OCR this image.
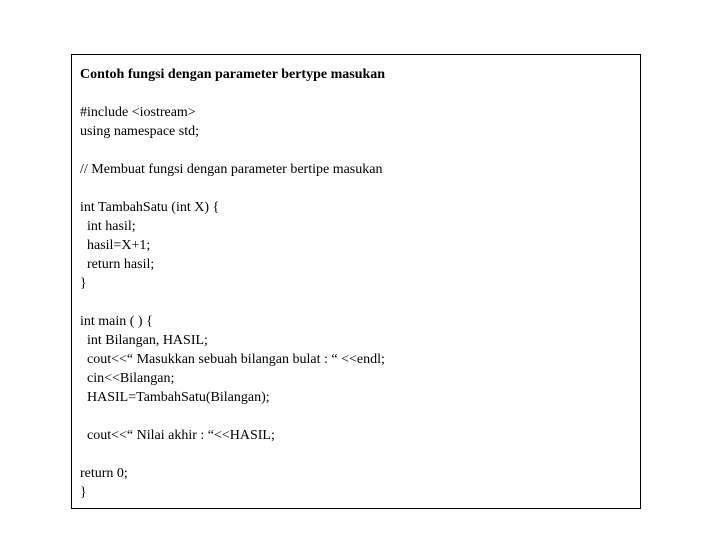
Contoh fungsi dengan parameter bertype masukan
#include <iostream>
using namespace std;
// Membuat fungsi dengan parameter bertipe masukan
int TambahSatu (int X) {
int hasil;
hasil=X+1;
return hasil;
}
int main ( ) {
int Bilangan, HASIL;
cout<<“ Masukkan sebuah bilangan bulat : “ <<endl;
cin<<Bilangan;
HASIL=TambahSatu(Bilangan);
cout<<“ Nilai akhir : “<<HASIL;
return 0;
}
